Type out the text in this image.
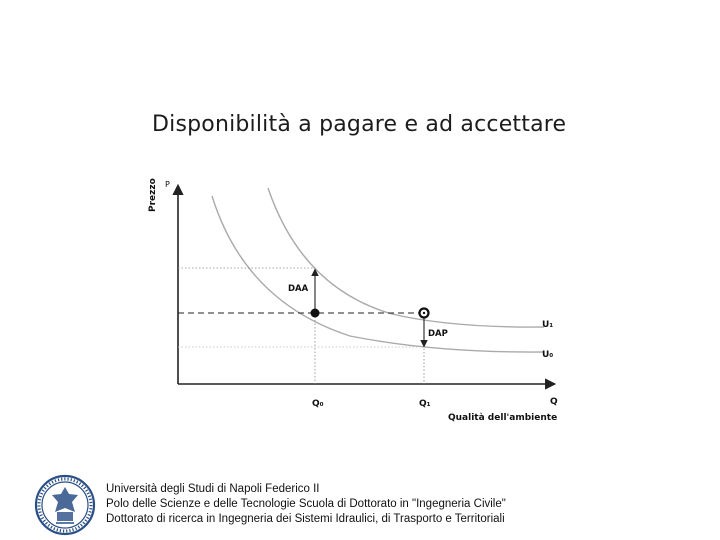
Disponibilità a pagare e ad accettare
Prezzo P
Q
Qualità dell'ambiente
U₁
U₀
DAA
DAP
Q₀	Q₁
Università degli Studi di Napoli Federico II
Polo delle Scienze e delle Tecnologie Scuola di Dottorato in "Ingegneria Civile"
Dottorato di ricerca in Ingegneria dei Sistemi Idraulici, di Trasporto e Territoriali
